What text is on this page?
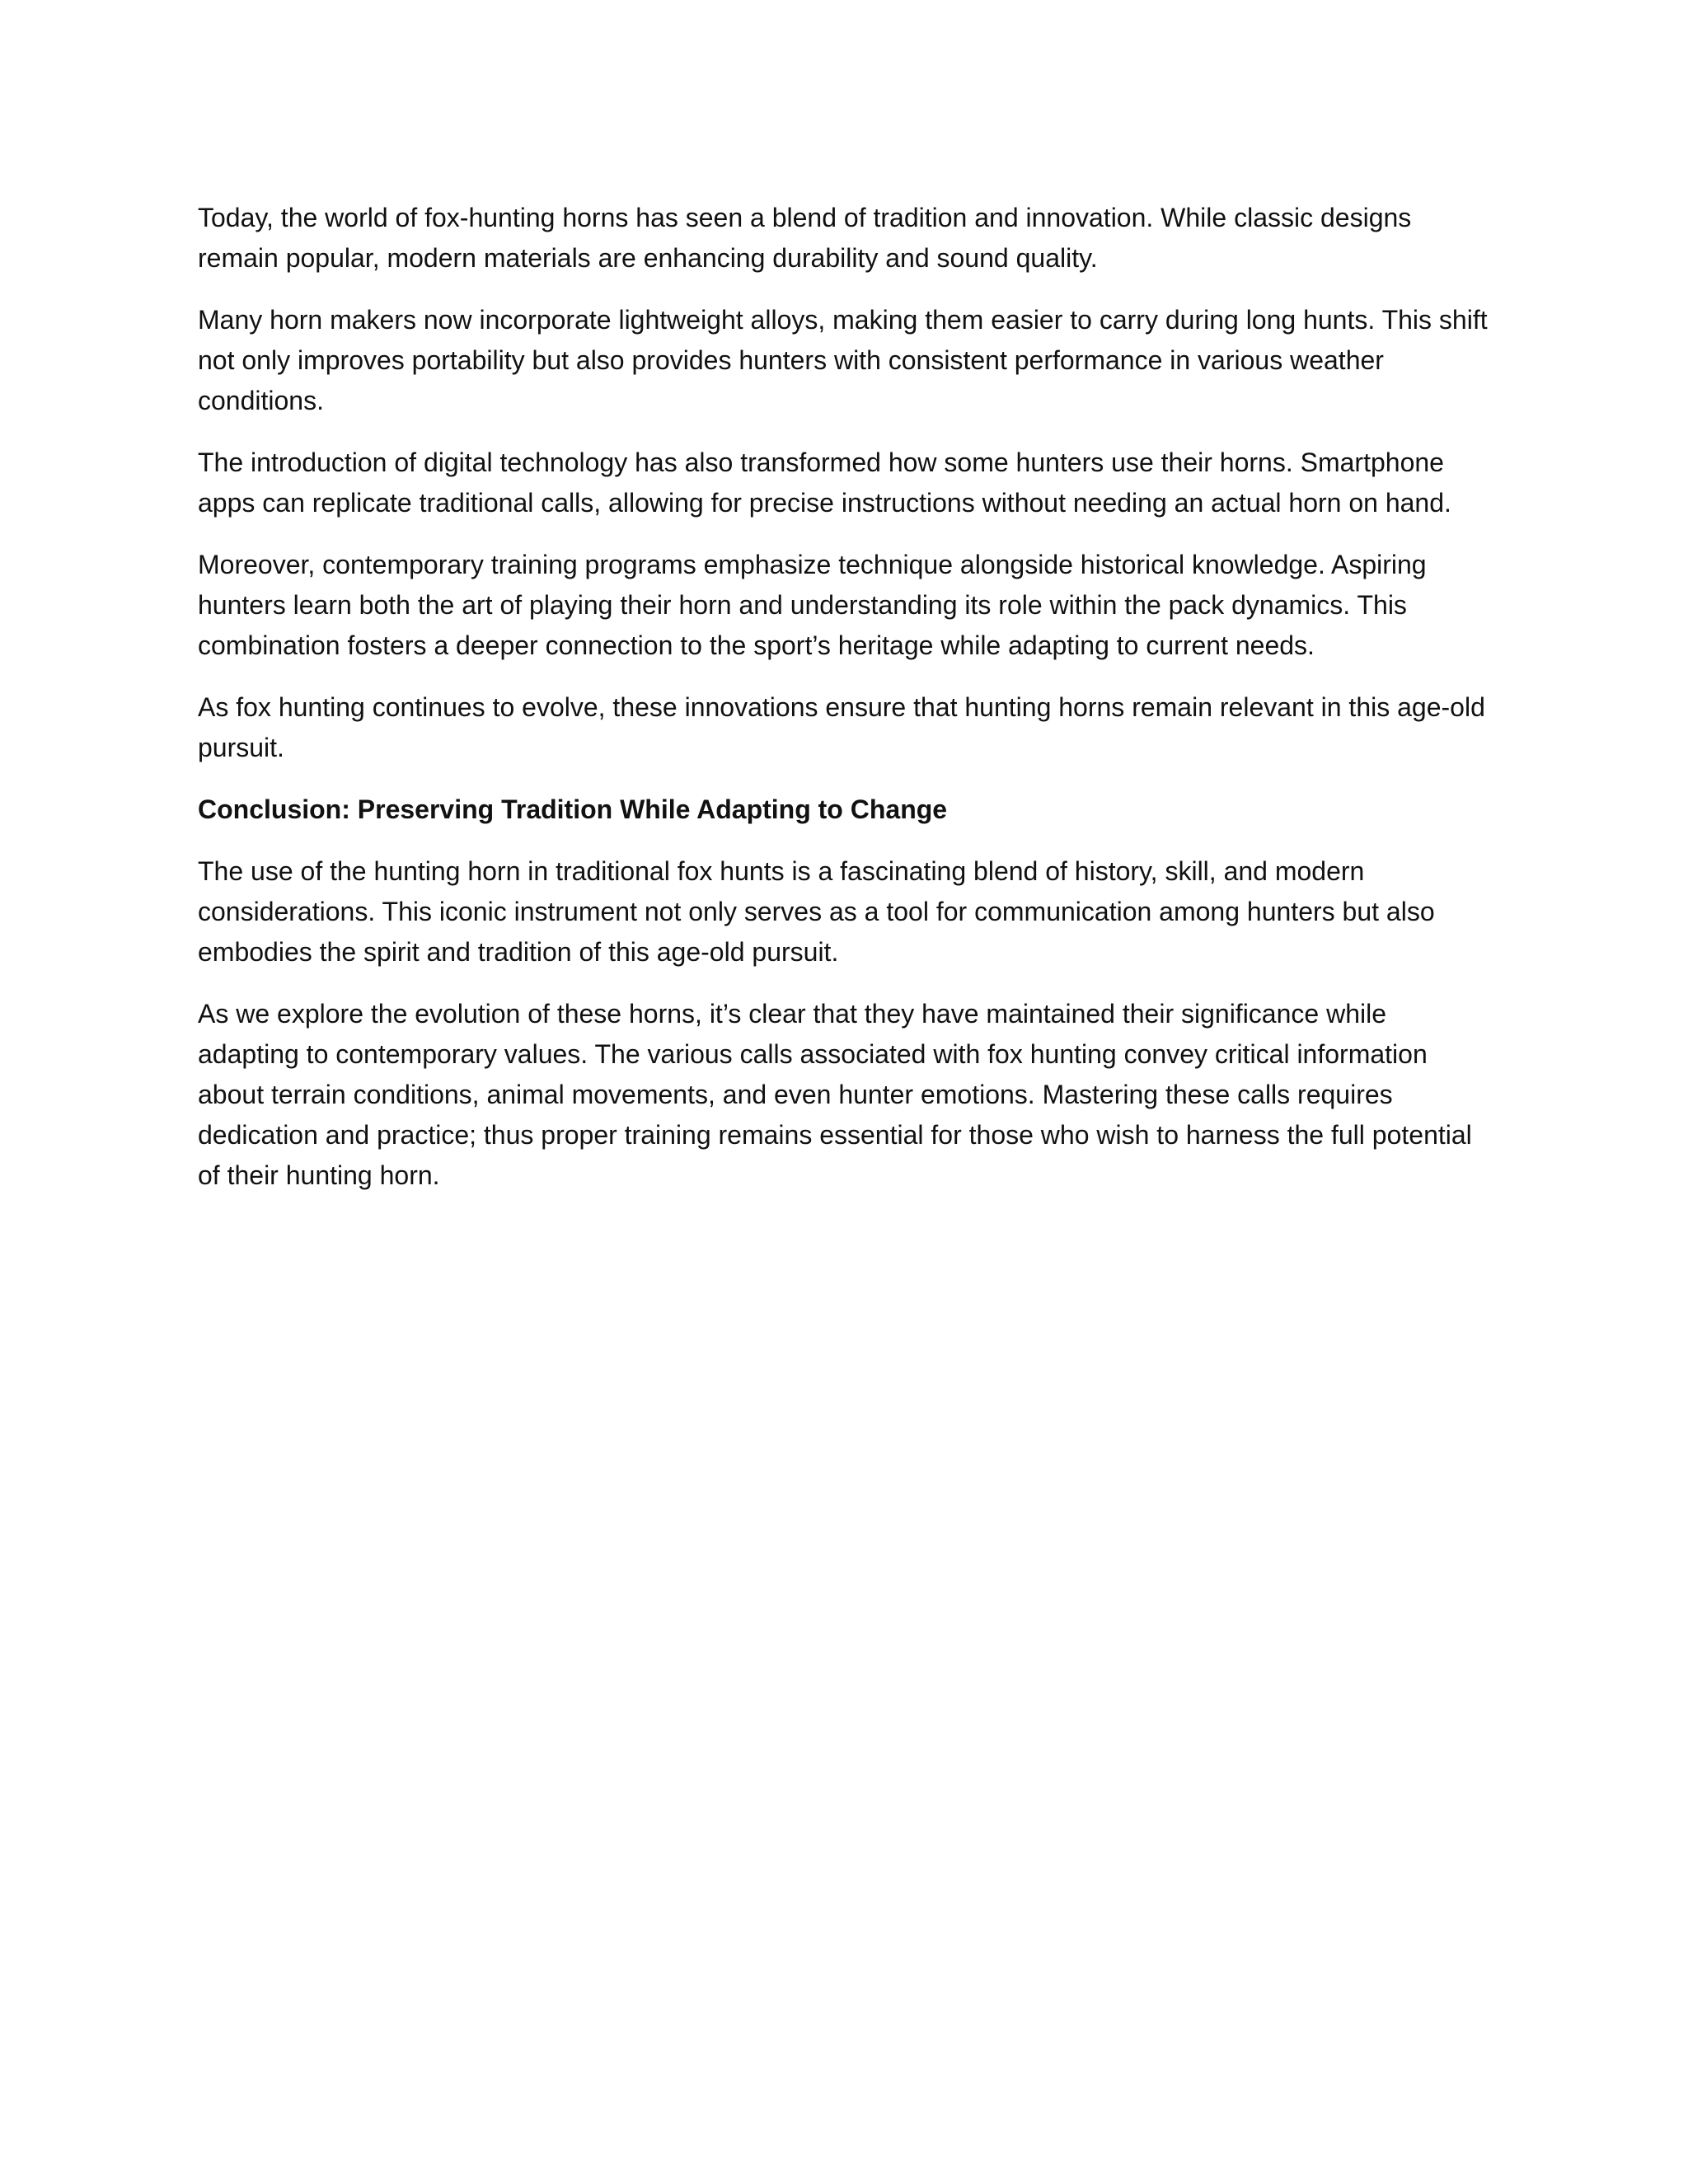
Today, the world of fox-hunting horns has seen a blend of tradition and innovation. While classic designs remain popular, modern materials are enhancing durability and sound quality.

Many horn makers now incorporate lightweight alloys, making them easier to carry during long hunts. This shift not only improves portability but also provides hunters with consistent performance in various weather conditions.

The introduction of digital technology has also transformed how some hunters use their horns. Smartphone apps can replicate traditional calls, allowing for precise instructions without needing an actual horn on hand.

Moreover, contemporary training programs emphasize technique alongside historical knowledge. Aspiring hunters learn both the art of playing their horn and understanding its role within the pack dynamics. This combination fosters a deeper connection to the sport’s heritage while adapting to current needs.

As fox hunting continues to evolve, these innovations ensure that hunting horns remain relevant in this age-old pursuit.

Conclusion: Preserving Tradition While Adapting to Change

The use of the hunting horn in traditional fox hunts is a fascinating blend of history, skill, and modern considerations. This iconic instrument not only serves as a tool for communication among hunters but also embodies the spirit and tradition of this age-old pursuit.

As we explore the evolution of these horns, it’s clear that they have maintained their significance while adapting to contemporary values. The various calls associated with fox hunting convey critical information about terrain conditions, animal movements, and even hunter emotions. Mastering these calls requires dedication and practice; thus proper training remains essential for those who wish to harness the full potential of their hunting horn.
